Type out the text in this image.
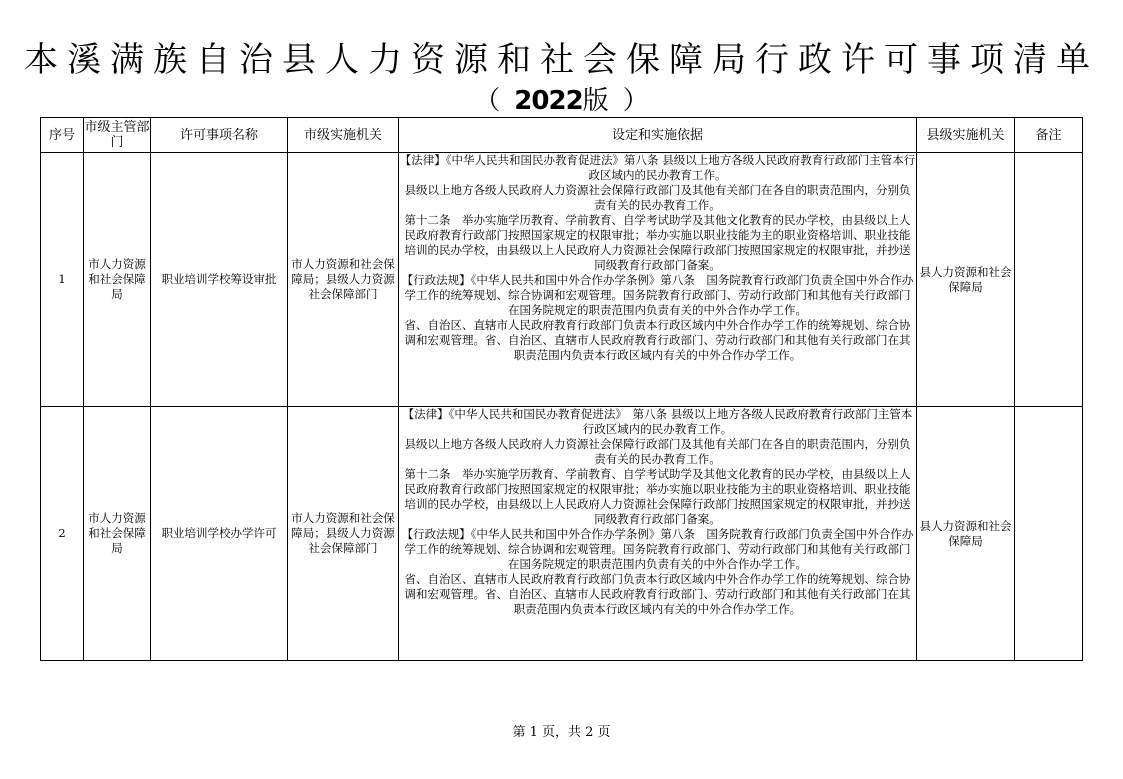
本溪满族自治县人力资源和社会保障局行政许可事项清单
（ 2022版 ）
序号	市级主管部门	许可事项名称	市级实施机关	设定和实施依据	县级实施机关	备注
1	市人力资源和社会保障局	职业培训学校筹设审批	市人力资源和社会保障局；县级人力资源社会保障部门	【法律】《中华人民共和国民办教育促进法》第八条 县级以上地方各级人民政府教育行政部门主管本行政区域内的民办教育工作。

县级以上地方各级人民政府人力资源社会保障行政部门及其他有关部门在各自的职责范围内，分别负责有关的民办教育工作。

第十二条　举办实施学历教育、学前教育、自学考试助学及其他文化教育的民办学校，由县级以上人民政府教育行政部门按照国家规定的权限审批；举办实施以职业技能为主的职业资格培训、职业技能培训的民办学校，由县级以上人民政府人力资源社会保障行政部门按照国家规定的权限审批，并抄送同级教育行政部门备案。

【行政法规】《中华人民共和国中外合作办学条例》第八条　国务院教育行政部门负责全国中外合作办学工作的统筹规划、综合协调和宏观管理。国务院教育行政部门、劳动行政部门和其他有关行政部门在国务院规定的职责范围内负责有关的中外合作办学工作。

省、自治区、直辖市人民政府教育行政部门负责本行政区域内中外合作办学工作的统筹规划、综合协调和宏观管理。省、自治区、直辖市人民政府教育行政部门、劳动行政部门和其他有关行政部门在其职责范围内负责本行政区域内有关的中外合作办学工作。	县人力资源和社会保障局	
2	市人力资源和社会保障局	职业培训学校办学许可	市人力资源和社会保障局；县级人力资源社会保障部门	【法律】《中华人民共和国民办教育促进法》　第八条 县级以上地方各级人民政府教育行政部门主管本行政区域内的民办教育工作。

县级以上地方各级人民政府人力资源社会保障行政部门及其他有关部门在各自的职责范围内，分别负责有关的民办教育工作。

第十二条　举办实施学历教育、学前教育、自学考试助学及其他文化教育的民办学校，由县级以上人民政府教育行政部门按照国家规定的权限审批；举办实施以职业技能为主的职业资格培训、职业技能培训的民办学校，由县级以上人民政府人力资源社会保障行政部门按照国家规定的权限审批，并抄送同级教育行政部门备案。

【行政法规】《中华人民共和国中外合作办学条例》第八条　国务院教育行政部门负责全国中外合作办学工作的统筹规划、综合协调和宏观管理。国务院教育行政部门、劳动行政部门和其他有关行政部门在国务院规定的职责范围内负责有关的中外合作办学工作。

省、自治区、直辖市人民政府教育行政部门负责本行政区域内中外合作办学工作的统筹规划、综合协调和宏观管理。省、自治区、直辖市人民政府教育行政部门、劳动行政部门和其他有关行政部门在其职责范围内负责本行政区域内有关的中外合作办学工作。	县人力资源和社会保障局	
第 1 页，共 2 页
